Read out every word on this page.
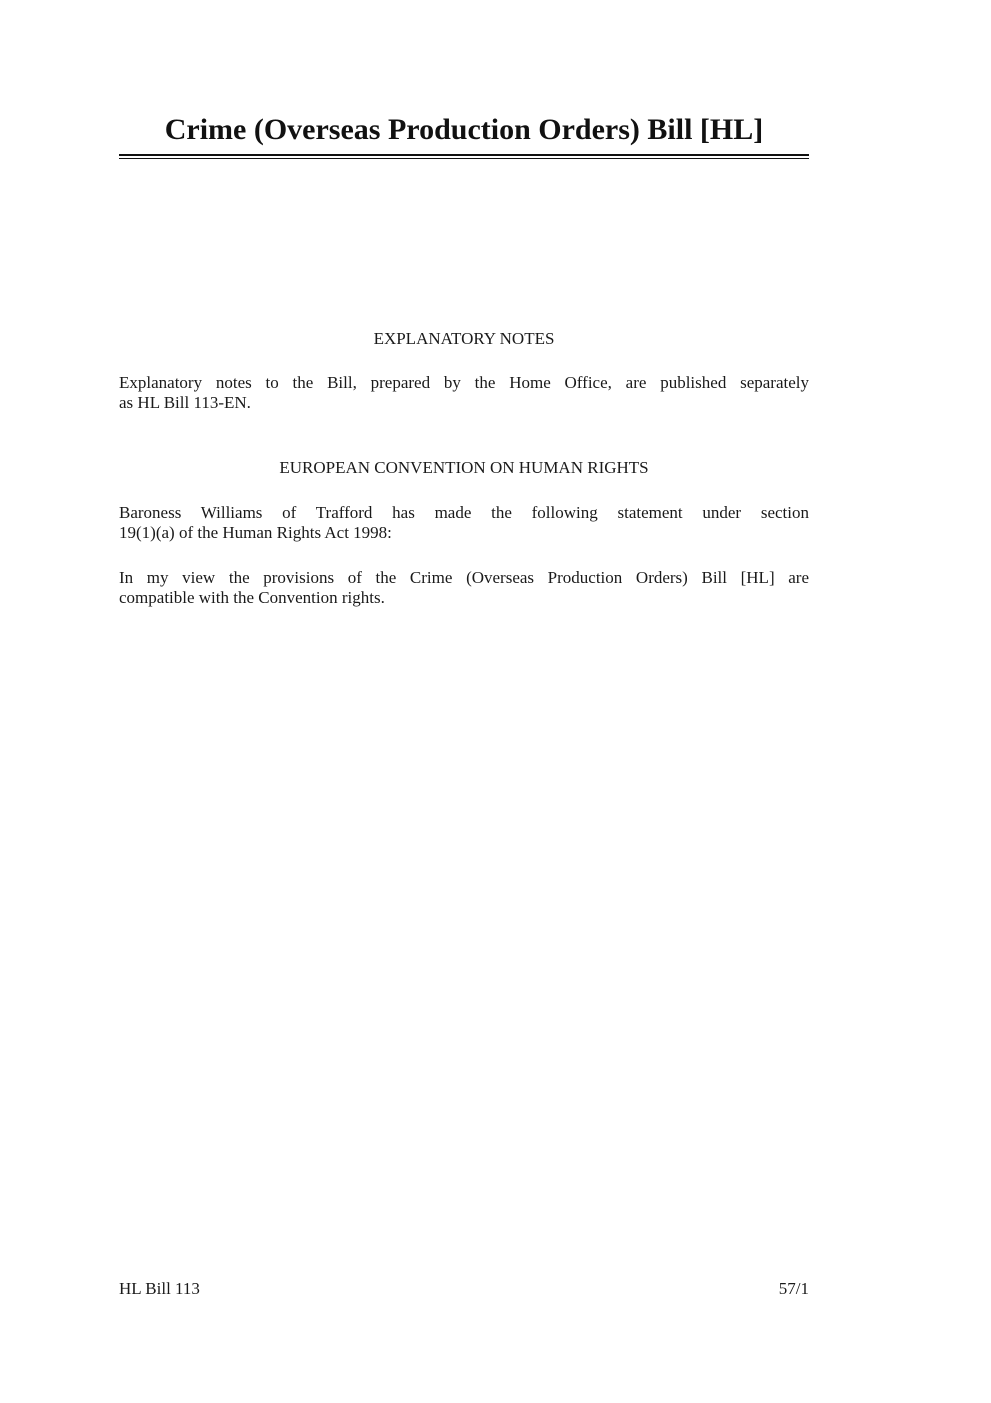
Crime (Overseas Production Orders) Bill [HL]
EXPLANATORY NOTES
Explanatory notes to the Bill, prepared by the Home Office, are published separately
as HL Bill 113-EN.
EUROPEAN CONVENTION ON HUMAN RIGHTS
Baroness Williams of Trafford has made the following statement under section
19(1)(a) of the Human Rights Act 1998:
In my view the provisions of the Crime (Overseas Production Orders) Bill [HL] are
compatible with the Convention rights.
HL Bill 113	57/1
